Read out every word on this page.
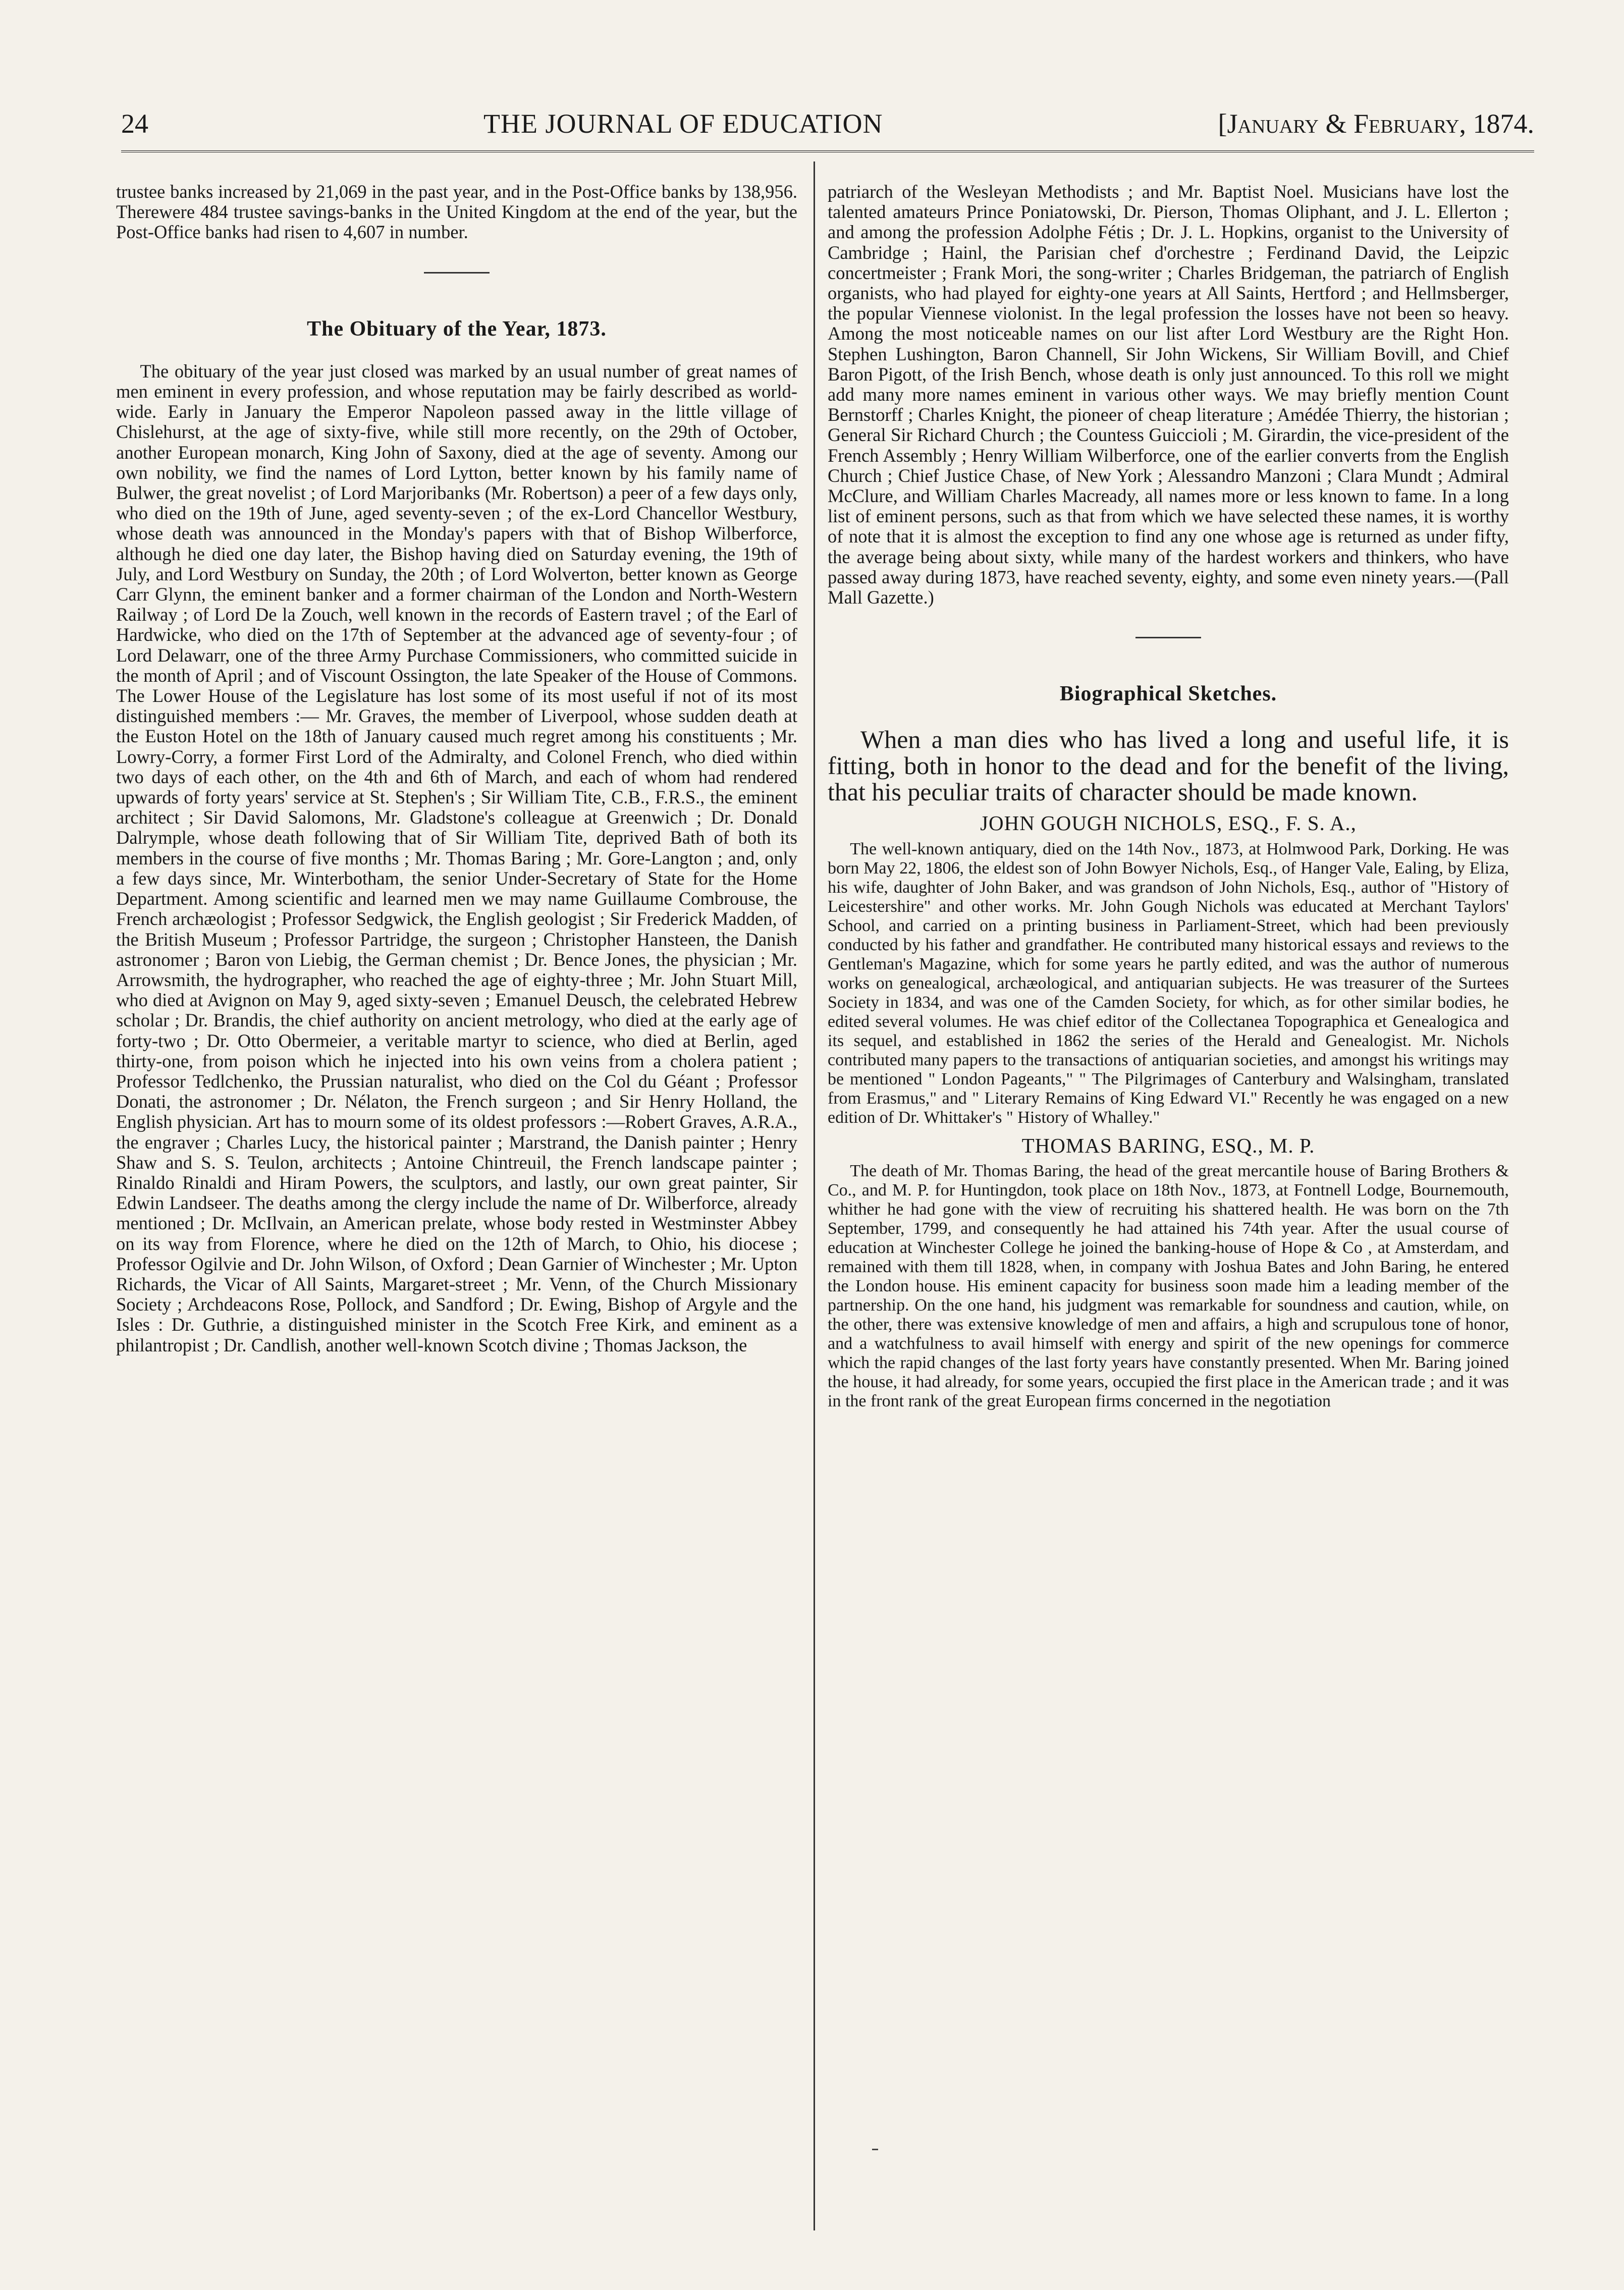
24	THE JOURNAL OF EDUCATION	[January & February, 1874.

trustee banks increased by 21,069 in the past year, and in the Post-Office banks by 138,956. Therewere 484 trustee savings-banks in the United Kingdom at the end of the year, but the Post-Office banks had risen to 4,607 in number.

The Obituary of the Year, 1873.

The obituary of the year just closed was marked by an usual number of great names of men eminent in every profession, and whose reputation may be fairly described as world-wide. Early in January the Emperor Napoleon passed away in the little village of Chislehurst, at the age of sixty-five, while still more recently, on the 29th of October, another European monarch, King John of Saxony, died at the age of seventy. Among our own nobility, we find the names of Lord Lytton, better known by his family name of Bulwer, the great novelist ; of Lord Marjoribanks (Mr. Robertson) a peer of a few days only, who died on the 19th of June, aged seventy-seven ; of the ex-Lord Chancellor Westbury, whose death was announced in the Monday's papers with that of Bishop Wilberforce, although he died one day later, the Bishop having died on Saturday evening, the 19th of July, and Lord Westbury on Sunday, the 20th ; of Lord Wolverton, better known as George Carr Glynn, the eminent banker and a former chairman of the London and North-Western Railway ; of Lord De la Zouch, well known in the records of Eastern travel ; of the Earl of Hardwicke, who died on the 17th of September at the advanced age of seventy-four ; of Lord Delawarr, one of the three Army Purchase Commissioners, who committed suicide in the month of April ; and of Viscount Ossington, the late Speaker of the House of Commons. The Lower House of the Legislature has lost some of its most useful if not of its most distinguished members :— Mr. Graves, the member of Liverpool, whose sudden death at the Euston Hotel on the 18th of January caused much regret among his constituents ; Mr. Lowry-Corry, a former First Lord of the Admiralty, and Colonel French, who died within two days of each other, on the 4th and 6th of March, and each of whom had rendered upwards of forty years' service at St. Stephen's ; Sir William Tite, C.B., F.R.S., the eminent architect ; Sir David Salomons, Mr. Gladstone's colleague at Greenwich ; Dr. Donald Dalrymple, whose death following that of Sir William Tite, deprived Bath of both its members in the course of five months ; Mr. Thomas Baring ; Mr. Gore-Langton ; and, only a few days since, Mr. Winterbotham, the senior Under-Secretary of State for the Home Department. Among scientific and learned men we may name Guillaume Combrouse, the French archæologist ; Professor Sedgwick, the English geologist ; Sir Frederick Madden, of the British Museum ; Professor Partridge, the surgeon ; Christopher Hansteen, the Danish astronomer ; Baron von Liebig, the German chemist ; Dr. Bence Jones, the physician ; Mr. Arrowsmith, the hydrographer, who reached the age of eighty-three ; Mr. John Stuart Mill, who died at Avignon on May 9, aged sixty-seven ; Emanuel Deusch, the celebrated Hebrew scholar ; Dr. Brandis, the chief authority on ancient metrology, who died at the early age of forty-two ; Dr. Otto Obermeier, a veritable martyr to science, who died at Berlin, aged thirty-one, from poison which he injected into his own veins from a cholera patient ; Professor Tedlchenko, the Prussian naturalist, who died on the Col du Géant ; Professor Donati, the astronomer ; Dr. Nélaton, the French surgeon ; and Sir Henry Holland, the English physician. Art has to mourn some of its oldest professors :—Robert Graves, A.R.A., the engraver ; Charles Lucy, the historical painter ; Marstrand, the Danish painter ; Henry Shaw and S. S. Teulon, architects ; Antoine Chintreuil, the French landscape painter ; Rinaldo Rinaldi and Hiram Powers, the sculptors, and lastly, our own great painter, Sir Edwin Landseer. The deaths among the clergy include the name of Dr. Wilberforce, already mentioned ; Dr. McIlvain, an American prelate, whose body rested in Westminster Abbey on its way from Florence, where he died on the 12th of March, to Ohio, his diocese ; Professor Ogilvie and Dr. John Wilson, of Oxford ; Dean Garnier of Winchester ; Mr. Upton Richards, the Vicar of All Saints, Margaret-street ; Mr. Venn, of the Church Missionary Society ; Archdeacons Rose, Pollock, and Sandford ; Dr. Ewing, Bishop of Argyle and the Isles : Dr. Guthrie, a distinguished minister in the Scotch Free Kirk, and eminent as a philantropist ; Dr. Candlish, another well-known Scotch divine ; Thomas Jackson, the

patriarch of the Wesleyan Methodists ; and Mr. Baptist Noel. Musicians have lost the talented amateurs Prince Poniatowski, Dr. Pierson, Thomas Oliphant, and J. L. Ellerton ; and among the profession Adolphe Fétis ; Dr. J. L. Hopkins, organist to the University of Cambridge ; Hainl, the Parisian chef d'orchestre ; Ferdinand David, the Leipzic concertmeister ; Frank Mori, the song-writer ; Charles Bridgeman, the patriarch of English organists, who had played for eighty-one years at All Saints, Hertford ; and Hellmsberger, the popular Viennese violonist. In the legal profession the losses have not been so heavy. Among the most noticeable names on our list after Lord Westbury are the Right Hon. Stephen Lushington, Baron Channell, Sir John Wickens, Sir William Bovill, and Chief Baron Pigott, of the Irish Bench, whose death is only just announced. To this roll we might add many more names eminent in various other ways. We may briefly mention Count Bernstorff ; Charles Knight, the pioneer of cheap literature ; Amédée Thierry, the historian ; General Sir Richard Church ; the Countess Guiccioli ; M. Girardin, the vice-president of the French Assembly ; Henry William Wilberforce, one of the earlier converts from the English Church ; Chief Justice Chase, of New York ; Alessandro Manzoni ; Clara Mundt ; Admiral McClure, and William Charles Macready, all names more or less known to fame. In a long list of eminent persons, such as that from which we have selected these names, it is worthy of note that it is almost the exception to find any one whose age is returned as under fifty, the average being about sixty, while many of the hardest workers and thinkers, who have passed away during 1873, have reached seventy, eighty, and some even ninety years.—(Pall Mall Gazette.)

Biographical Sketches.

When a man dies who has lived a long and useful life, it is fitting, both in honor to the dead and for the benefit of the living, that his peculiar traits of character should be made known.

JOHN GOUGH NICHOLS, ESQ., F. S. A.,

The well-known antiquary, died on the 14th Nov., 1873, at Holmwood Park, Dorking. He was born May 22, 1806, the eldest son of John Bowyer Nichols, Esq., of Hanger Vale, Ealing, by Eliza, his wife, daughter of John Baker, and was grandson of John Nichols, Esq., author of "History of Leicestershire" and other works. Mr. John Gough Nichols was educated at Merchant Taylors' School, and carried on a printing business in Parliament-Street, which had been previously conducted by his father and grandfather. He contributed many historical essays and reviews to the Gentleman's Magazine, which for some years he partly edited, and was the author of numerous works on genealogical, archæological, and antiquarian subjects. He was treasurer of the Surtees Society in 1834, and was one of the Camden Society, for which, as for other similar bodies, he edited several volumes. He was chief editor of the Collectanea Topographica et Genealogica and its sequel, and established in 1862 the series of the Herald and Genealogist. Mr. Nichols contributed many papers to the transactions of antiquarian societies, and amongst his writings may be mentioned " London Pageants," " The Pilgrimages of Canterbury and Walsingham, translated from Erasmus," and " Literary Remains of King Edward VI." Recently he was engaged on a new edition of Dr. Whittaker's " History of Whalley."

THOMAS BARING, ESQ., M. P.

The death of Mr. Thomas Baring, the head of the great mercantile house of Baring Brothers & Co., and M. P. for Huntingdon, took place on 18th Nov., 1873, at Fontnell Lodge, Bournemouth, whither he had gone with the view of recruiting his shattered health. He was born on the 7th September, 1799, and consequently he had attained his 74th year. After the usual course of education at Winchester College he joined the banking-house of Hope & Co , at Amsterdam, and remained with them till 1828, when, in company with Joshua Bates and John Baring, he entered the London house. His eminent capacity for business soon made him a leading member of the partnership. On the one hand, his judgment was remarkable for soundness and caution, while, on the other, there was extensive knowledge of men and affairs, a high and scrupulous tone of honor, and a watchfulness to avail himself with energy and spirit of the new openings for commerce which the rapid changes of the last forty years have constantly presented. When Mr. Baring joined the house, it had already, for some years, occupied the first place in the American trade ; and it was in the front rank of the great European firms concerned in the negotiation
